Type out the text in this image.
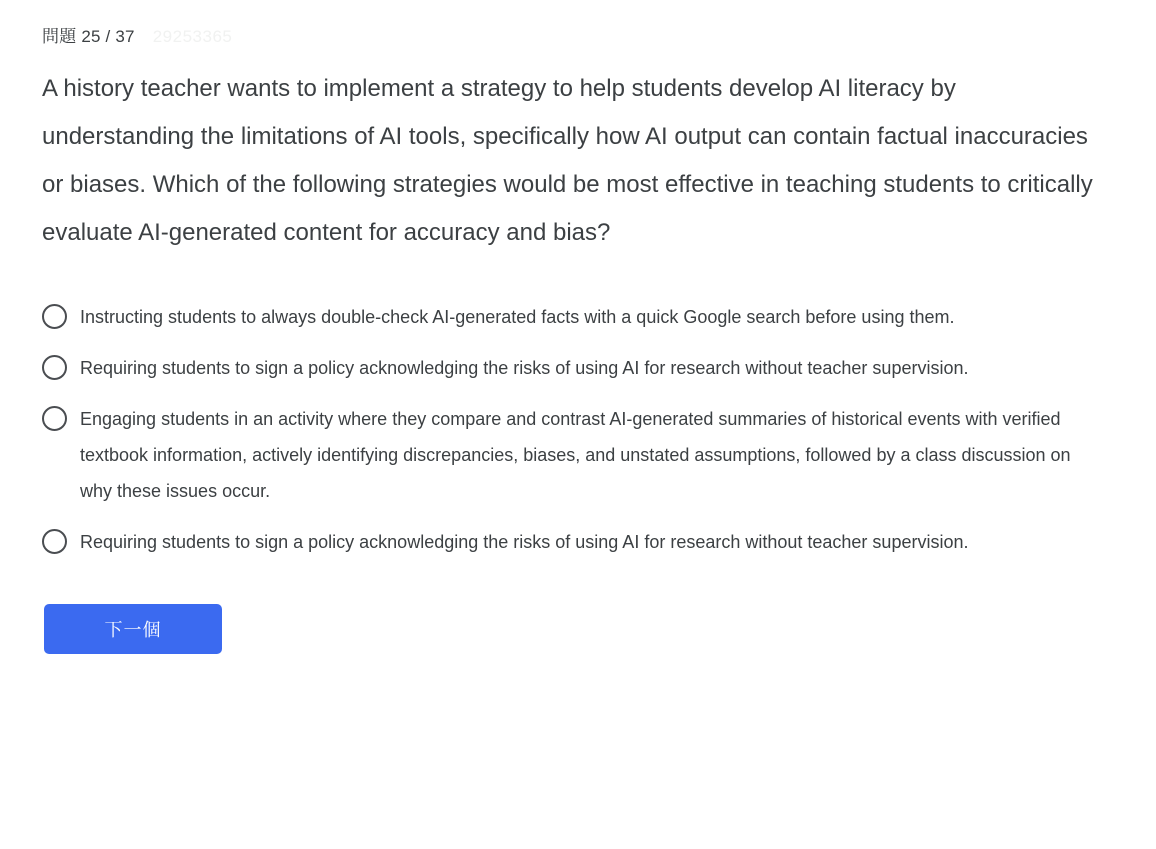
問題 25 / 37 29253365
A history teacher wants to implement a strategy to help students develop AI literacy by understanding the limitations of AI tools, specifically how AI output can contain factual inaccuracies or biases. Which of the following strategies would be most effective in teaching students to critically evaluate AI-generated content for accuracy and bias?
Instructing students to always double-check AI-generated facts with a quick Google search before using them.
Requiring students to sign a policy acknowledging the risks of using AI for research without teacher supervision.
Engaging students in an activity where they compare and contrast AI-generated summaries of historical events with verified textbook information, actively identifying discrepancies, biases, and unstated assumptions, followed by a class discussion on why these issues occur.
Requiring students to sign a policy acknowledging the risks of using AI for research without teacher supervision.
下一個
